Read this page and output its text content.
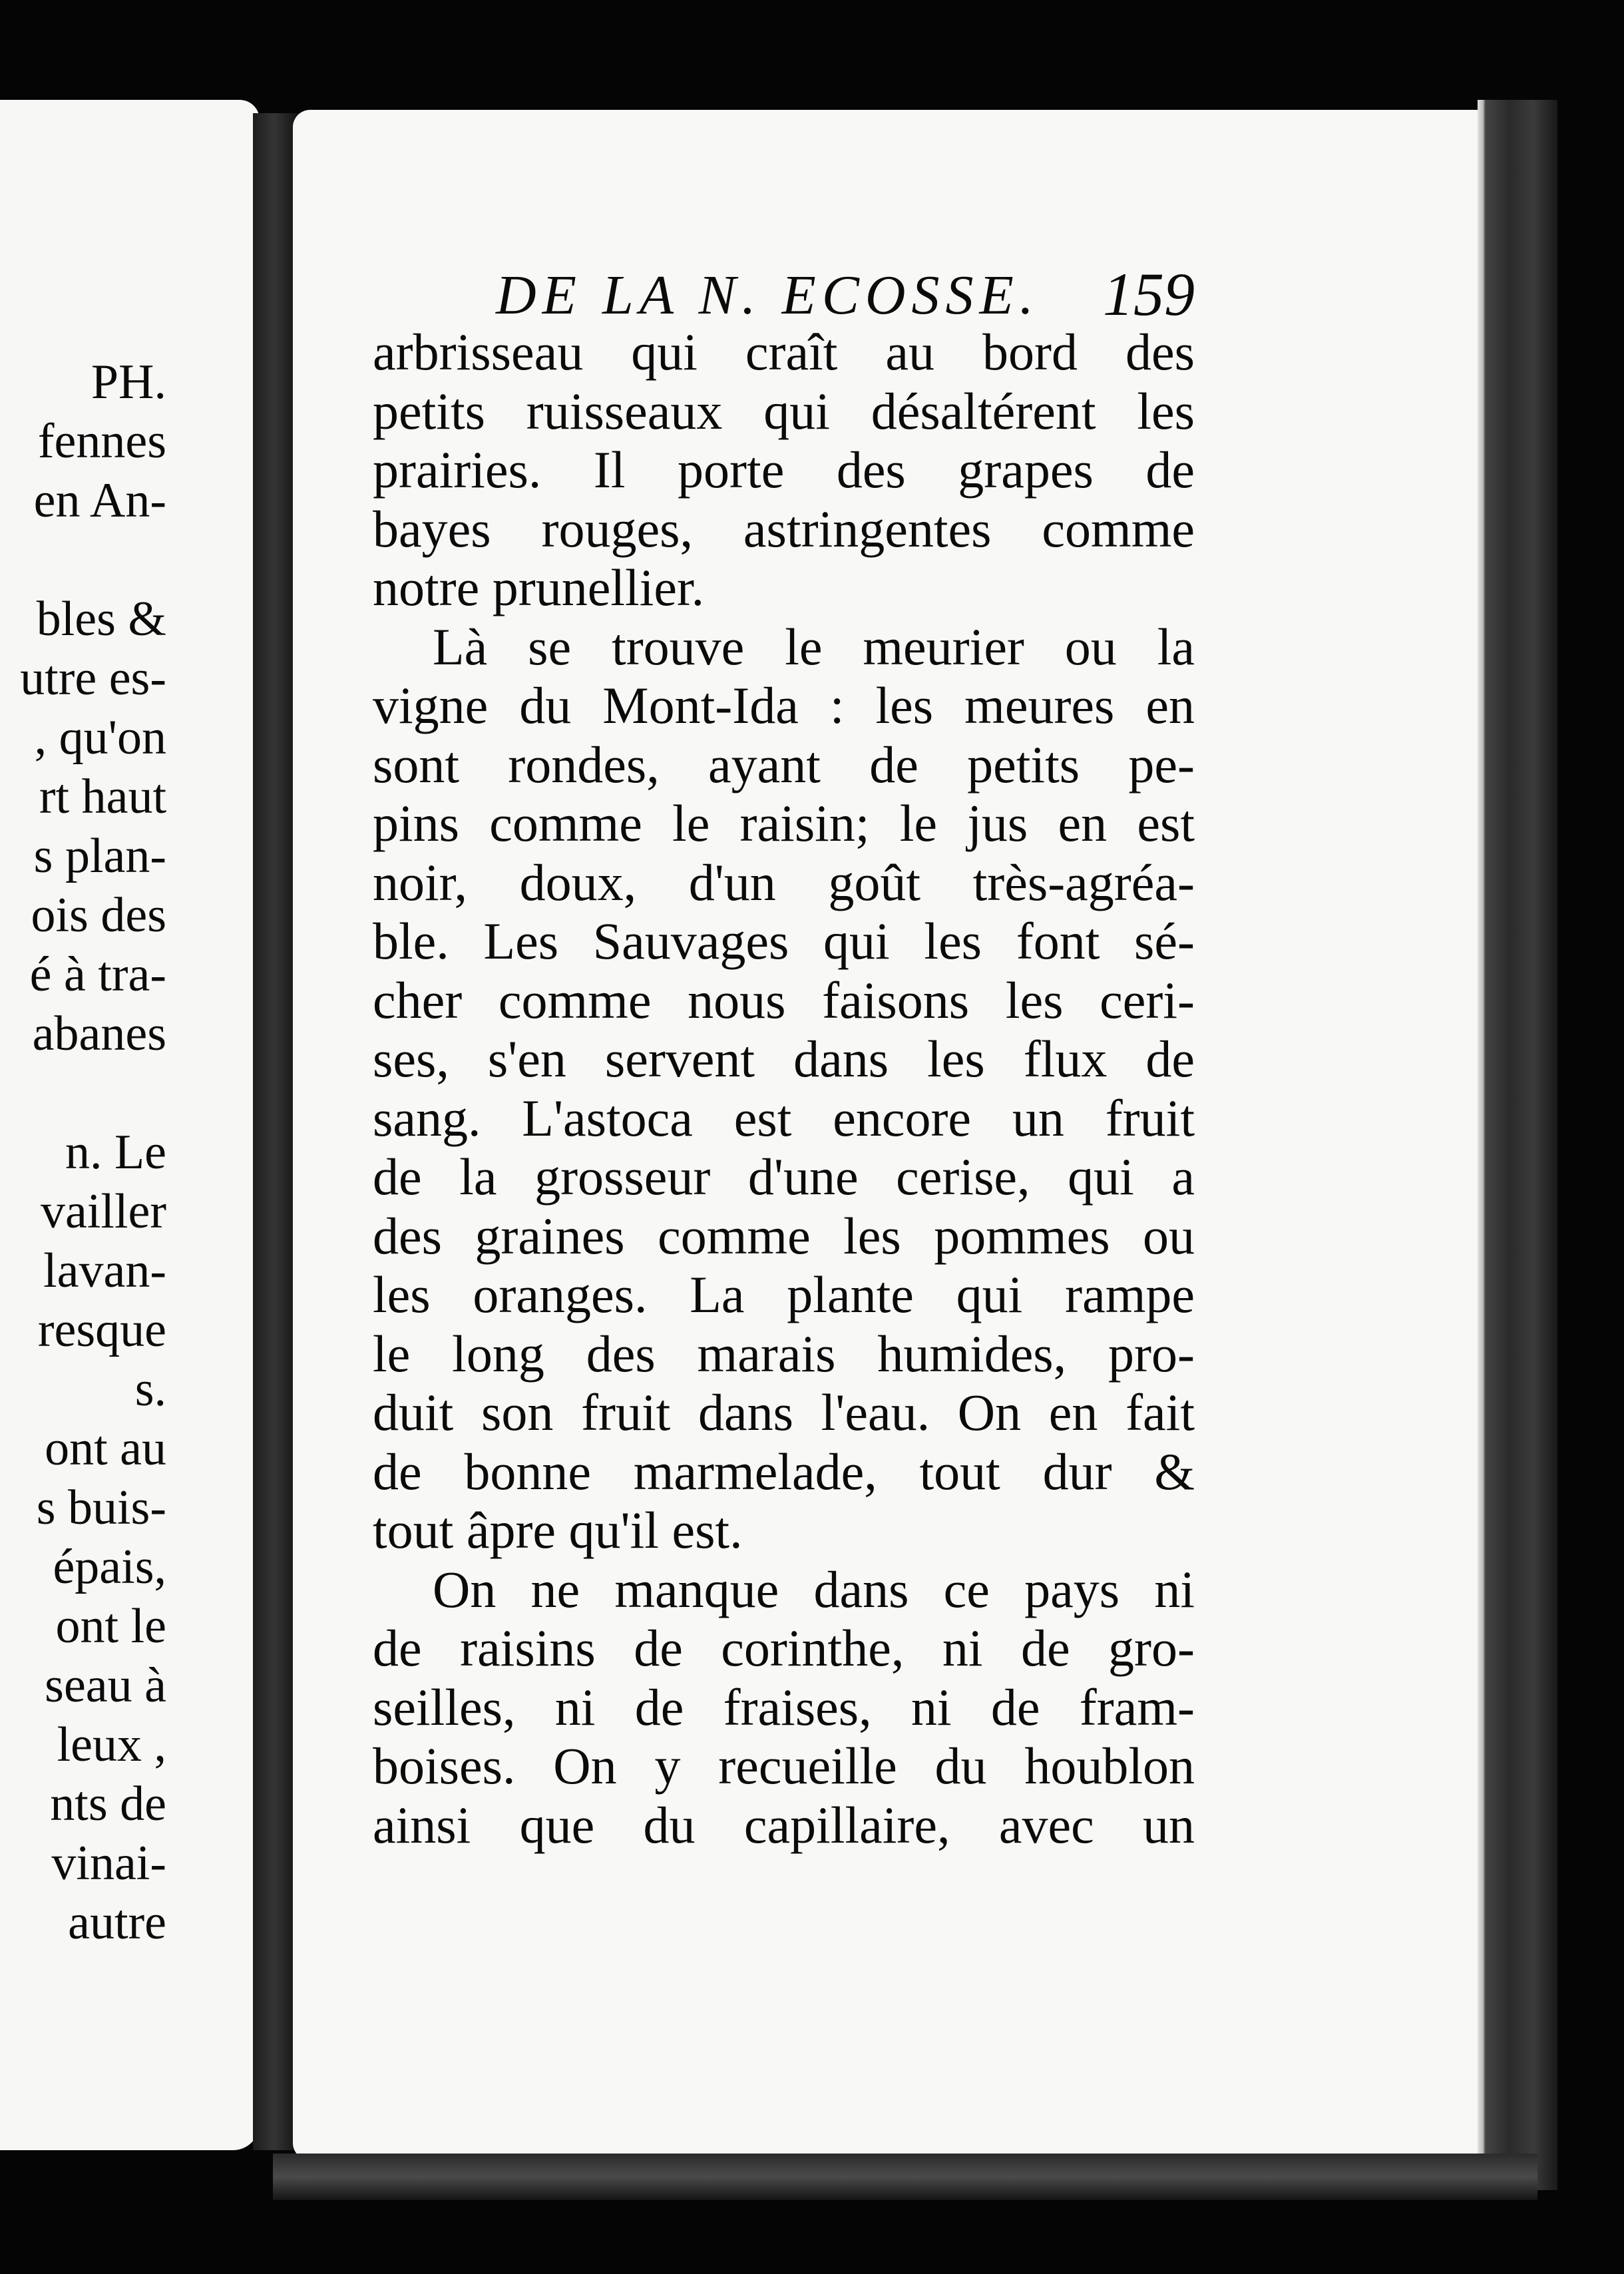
PH.
fennes
en An-
bles &
utre es-
, qu'on
rt haut
s plan-
ois des
é à tra-
abanes
n. Le
vailler
lavan-
resque
s.
ont au
s buis-
épais,
ont le
seau à
leux ,
nts de
vinai-
autre
DE LA N. ECOSSE. 159
arbrisseau qui craît au bord des
petits ruisseaux qui désaltérent les
prairies. Il porte des grapes de
bayes rouges, astringentes comme
notre prunellier.
Là se trouve le meurier ou la
vigne du Mont-Ida : les meures en
sont rondes, ayant de petits pe-
pins comme le raisin; le jus en est
noir, doux, d'un goût très-agréa-
ble. Les Sauvages qui les font sé-
cher comme nous faisons les ceri-
ses, s'en servent dans les flux de
sang. L'astoca est encore un fruit
de la grosseur d'une cerise, qui a
des graines comme les pommes ou
les oranges. La plante qui rampe
le long des marais humides, pro-
duit son fruit dans l'eau. On en fait
de bonne marmelade, tout dur &
tout âpre qu'il est.
On ne manque dans ce pays ni
de raisins de corinthe, ni de gro-
seilles, ni de fraises, ni de fram-
boises. On y recueille du houblon
ainsi que du capillaire, avec un
